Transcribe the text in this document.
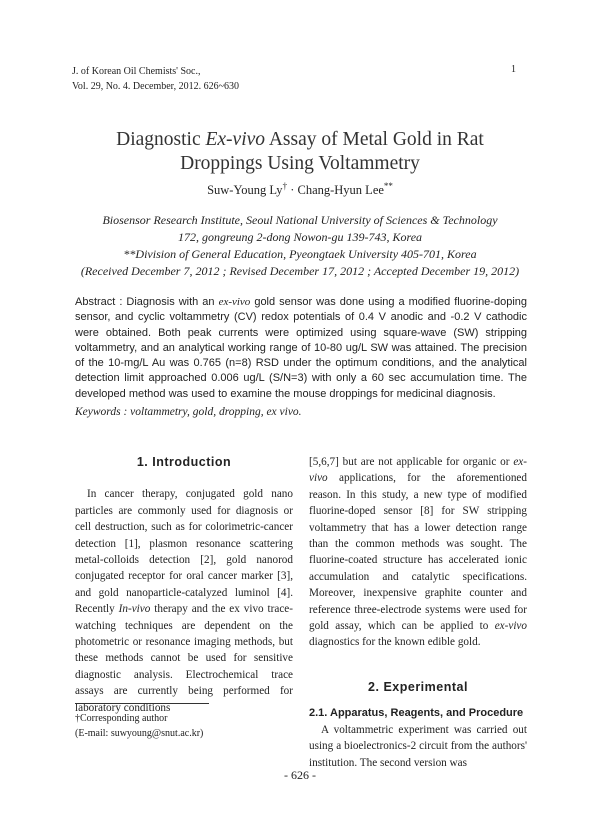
J. of Korean Oil Chemists' Soc.,
Vol. 29, No. 4. December, 2012. 626~630
1
Diagnostic Ex-vivo Assay of Metal Gold in Rat
Droppings Using Voltammetry
Suw-Young Ly† · Chang-Hyun Lee**
Biosensor Research Institute, Seoul National University of Sciences & Technology
172, gongreung 2-dong Nowon-gu 139-743, Korea
**Division of General Education, Pyeongtaek University 405-701, Korea
(Received December 7, 2012 ; Revised December 17, 2012 ; Accepted December 19, 2012)
Abstract : Diagnosis with an ex-vivo gold sensor was done using a modified fluorine-doping sensor, and cyclic voltammetry (CV) redox potentials of 0.4 V anodic and -0.2 V cathodic were obtained. Both peak currents were optimized using square-wave (SW) stripping voltammetry, and an analytical working range of 10-80 ug/L SW was attained. The precision of the 10-mg/L Au was 0.765 (n=8) RSD under the optimum conditions, and the analytical detection limit approached 0.006 ug/L (S/N=3) with only a 60 sec accumulation time. The developed method was used to examine the mouse droppings for medicinal diagnosis.
Keywords : voltammetry, gold, dropping, ex vivo.
1. Introduction

In cancer therapy, conjugated gold nano particles are commonly used for diagnosis or cell destruction, such as for colorimetric-cancer detection [1], plasmon resonance scattering metal-colloids detection [2], gold nanorod conjugated receptor for oral cancer marker [3], and gold nanoparticle-catalyzed luminol [4]. Recently In-vivo therapy and the ex vivo trace-watching techniques are dependent on the photometric or resonance imaging methods, but these methods cannot be used for sensitive diagnostic analysis. Electrochemical trace assays are currently being performed for laboratory conditions

[5,6,7] but are not applicable for organic or ex-vivo applications, for the aforementioned reason. In this study, a new type of modified fluorine-doped sensor [8] for SW stripping voltammetry that has a lower detection range than the common methods was sought. The fluorine-coated structure has accelerated ionic accumulation and catalytic specifications. Moreover, inexpensive graphite counter and reference three-electrode systems were used for gold assay, which can be applied to ex-vivo diagnostics for the known edible gold.

2. Experimental
2.1. Apparatus, Reagents, and Procedure

A voltammetric experiment was carried out using a bioelectronics-2 circuit from the authors' institution. The second version was

†Corresponding author
(E-mail: suwyoung@snut.ac.kr)
- 626 -
